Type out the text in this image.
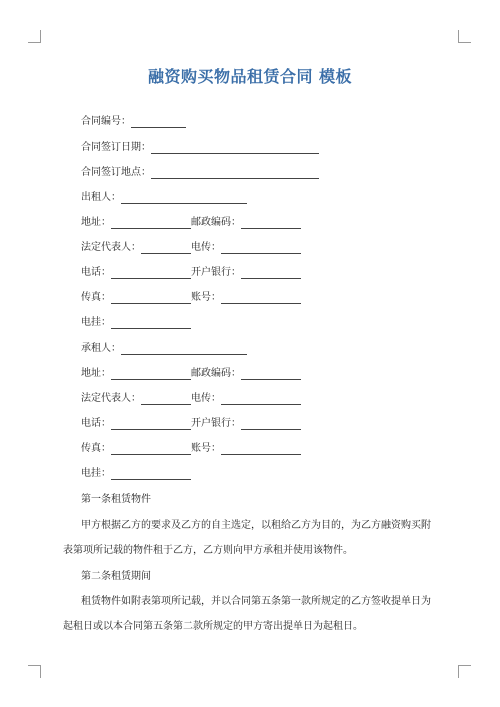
融资购买物品租赁合同 模板
合同编号：
合同签订日期：
合同签订地点：
出租人：
地址：	邮政编码：
法定代表人：	电传：
电话：	开户银行：
传真：	账号：
电挂：
承租人：
地址：	邮政编码：
法定代表人：	电传：
电话：	开户银行：
传真：	账号：
电挂：
第一条租赁物件
甲方根据乙方的要求及乙方的自主选定，以租给乙方为目的，为乙方融资购买附
表第项所记载的物件租于乙方，乙方则向甲方承租并使用该物件。
第二条租赁期间
租赁物件如附表第项所记载，并以合同第五条第一款所规定的乙方签收提单日为
起租日或以本合同第五条第二款所规定的甲方寄出提单日为起租日。
